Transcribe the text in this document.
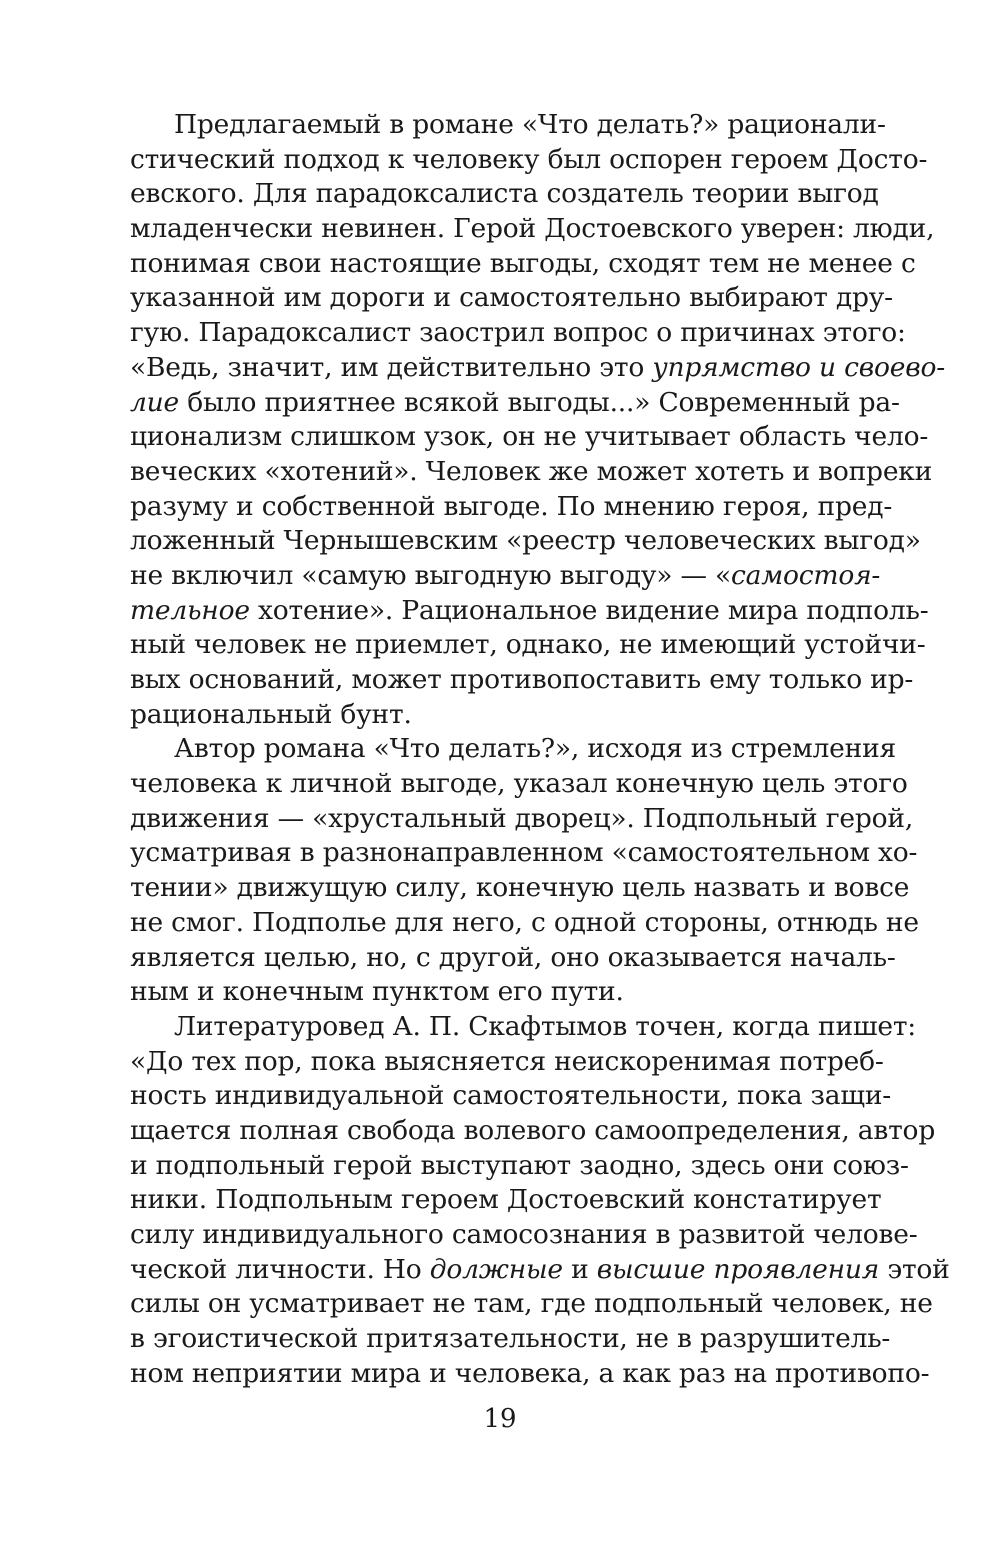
Предлагаемый в романе «Что делать?» рационали-
стический подход к человеку был оспорен героем Досто-
евского. Для парадоксалиста создатель теории выгод
младенчески невинен. Герой Достоевского уверен: люди,
понимая свои настоящие выгоды, сходят тем не менее с
указанной им дороги и самостоятельно выбирают дру-
гую. Парадоксалист заострил вопрос о причинах этого:
«Ведь, значит, им действительно это упрямство и своево-
лие было приятнее всякой выгоды...» Современный ра-
ционализм слишком узок, он не учитывает область чело-
веческих «хотений». Человек же может хотеть и вопреки
разуму и собственной выгоде. По мнению героя, пред-
ложенный Чернышевским «реестр человеческих выгод»
не включил «самую выгодную выгоду» — «самостоя-
тельное хотение». Рациональное видение мира подполь-
ный человек не приемлет, однако, не имеющий устойчи-
вых оснований, может противопоставить ему только ир-
рациональный бунт.
Автор романа «Что делать?», исходя из стремления
человека к личной выгоде, указал конечную цель этого
движения — «хрустальный дворец». Подпольный герой,
усматривая в разнонаправленном «самостоятельном хо-
тении» движущую силу, конечную цель назвать и вовсе
не смог. Подполье для него, с одной стороны, отнюдь не
является целью, но, с другой, оно оказывается началь-
ным и конечным пунктом его пути.
Литературовед А. П. Скафтымов точен, когда пишет:
«До тех пор, пока выясняется неискоренимая потреб-
ность индивидуальной самостоятельности, пока защи-
щается полная свобода волевого самоопределения, автор
и подпольный герой выступают заодно, здесь они союз-
ники. Подпольным героем Достоевский констатирует
силу индивидуального самосознания в развитой челове-
ческой личности. Но должные и высшие проявления этой
силы он усматривает не там, где подпольный человек, не
в эгоистической притязательности, не в разрушитель-
ном неприятии мира и человека, а как раз на противопо-
19
